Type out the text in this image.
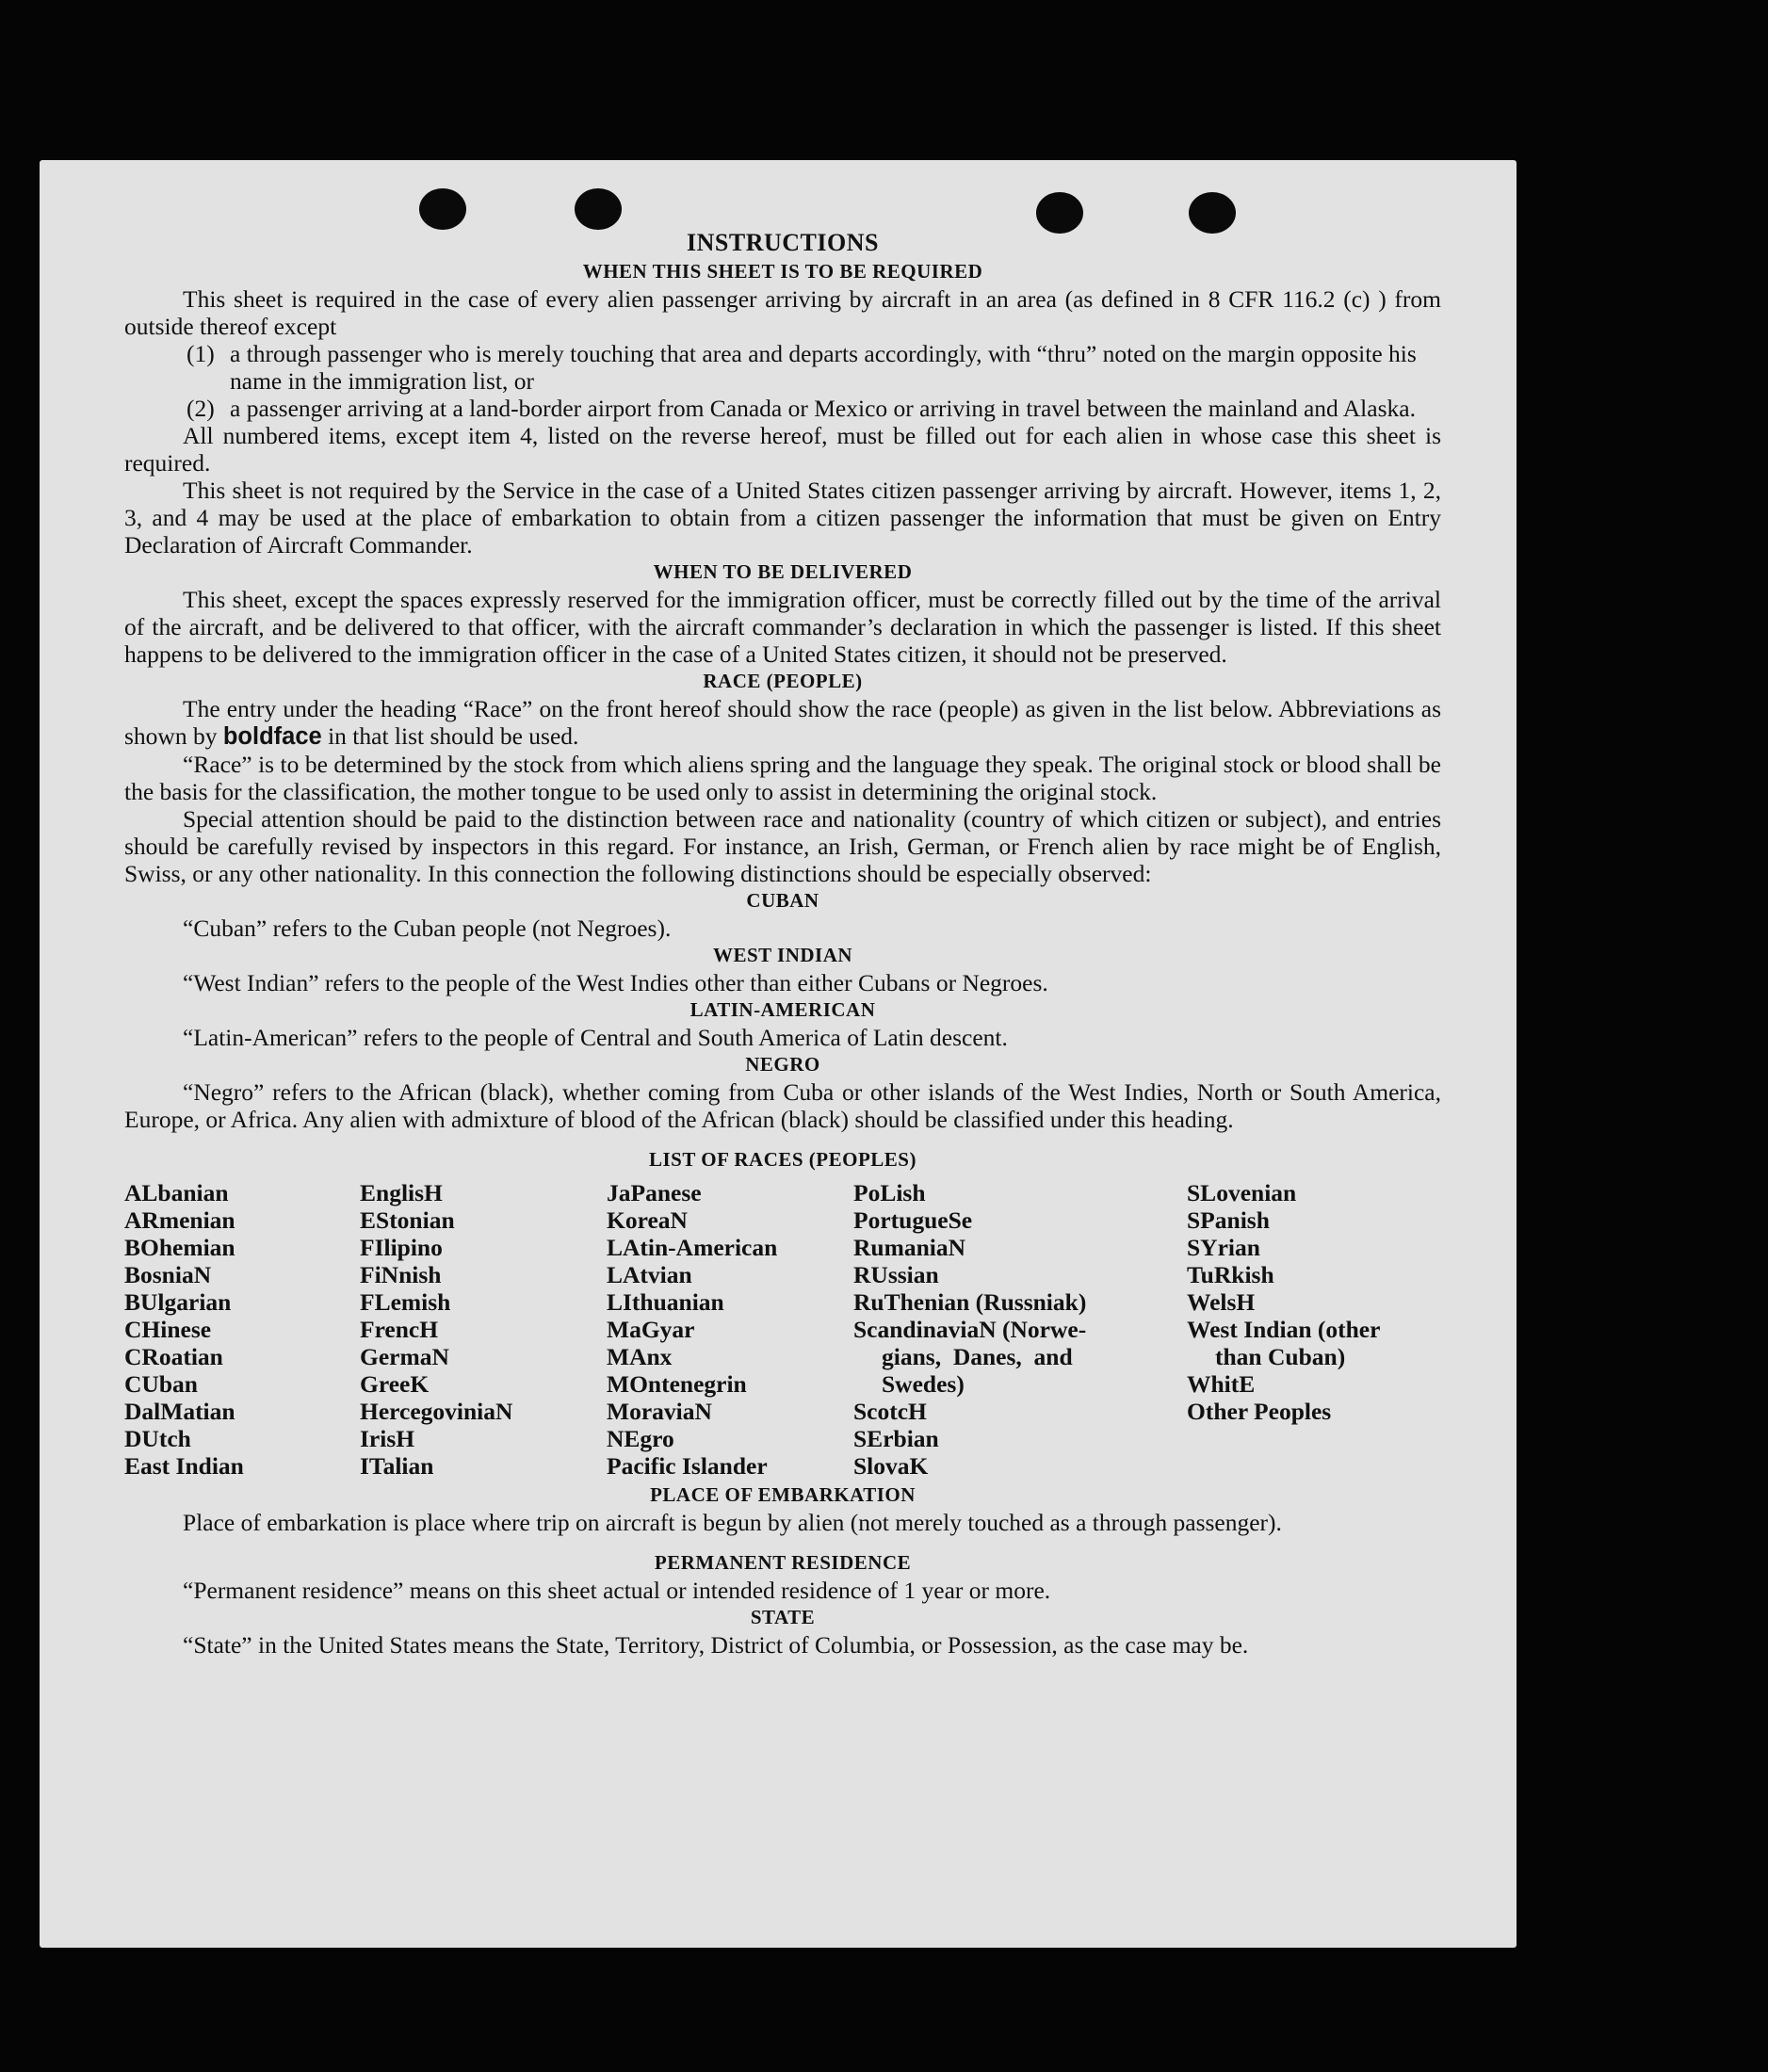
INSTRUCTIONS
WHEN THIS SHEET IS TO BE REQUIRED

This sheet is required in the case of every alien passenger arriving by aircraft in an area (as defined in 8 CFR 116.2 (c) ) from outside thereof except

(1) a through passenger who is merely touching that area and departs accordingly, with “thru” noted on the margin opposite his name in the immigration list, or

(2) a passenger arriving at a land-border airport from Canada or Mexico or arriving in travel between the mainland and Alaska.

All numbered items, except item 4, listed on the reverse hereof, must be filled out for each alien in whose case this sheet is required.

This sheet is not required by the Service in the case of a United States citizen passenger arriving by aircraft. However, items 1, 2, 3, and 4 may be used at the place of embarkation to obtain from a citizen passenger the information that must be given on Entry Declaration of Aircraft Commander.

WHEN TO BE DELIVERED

This sheet, except the spaces expressly reserved for the immigration officer, must be correctly filled out by the time of the arrival of the aircraft, and be delivered to that officer, with the aircraft commander’s declaration in which the passenger is listed. If this sheet happens to be delivered to the immigration officer in the case of a United States citizen, it should not be preserved.

RACE (PEOPLE)

The entry under the heading “Race” on the front hereof should show the race (people) as given in the list below. Abbreviations as shown by boldface in that list should be used.

“Race” is to be determined by the stock from which aliens spring and the language they speak. The original stock or blood shall be the basis for the classification, the mother tongue to be used only to assist in determining the original stock.

Special attention should be paid to the distinction between race and nationality (country of which citizen or subject), and entries should be carefully revised by inspectors in this regard. For instance, an Irish, German, or French alien by race might be of English, Swiss, or any other nationality. In this connection the following distinctions should be especially observed:

CUBAN

“Cuban” refers to the Cuban people (not Negroes).

WEST INDIAN

“West Indian” refers to the people of the West Indies other than either Cubans or Negroes.

LATIN-AMERICAN

“Latin-American” refers to the people of Central and South America of Latin descent.

NEGRO

“Negro” refers to the African (black), whether coming from Cuba or other islands of the West Indies, North or South America, Europe, or Africa. Any alien with admixture of blood of the African (black) should be classified under this heading.

LIST OF RACES (PEOPLES)
ALbanian
ARmenian
BOhemian
BosniaN
BUlgarian
CHinese
CRoatian
CUban
DalMatian
DUtch
East Indian
EnglisH
EStonian
FIlipino
FiNnish
FLemish
FrencH
GermaN
GreeK
HercegoviniaN
IrisH
ITalian
JaPanese
KoreaN
LAtin-American
LAtvian
LIthuanian
MaGyar
MAnx
MOntenegrin
MoraviaN
NEgro
Pacific Islander
PoLish
PortugueSe
RumaniaN
RUssian
RuThenian (Russniak)
ScandinaviaN (Norwe-
gians,  Danes,  and
Swedes)
ScotcH
SErbian
SlovaK
SLovenian
SPanish
SYrian
TuRkish
WelsH
West Indian (other
than Cuban)
WhitE
Other Peoples
PLACE OF EMBARKATION

Place of embarkation is place where trip on aircraft is begun by alien (not merely touched as a through passenger).

PERMANENT RESIDENCE

“Permanent residence” means on this sheet actual or intended residence of 1 year or more.

STATE

“State” in the United States means the State, Territory, District of Columbia, or Possession, as the case may be.
